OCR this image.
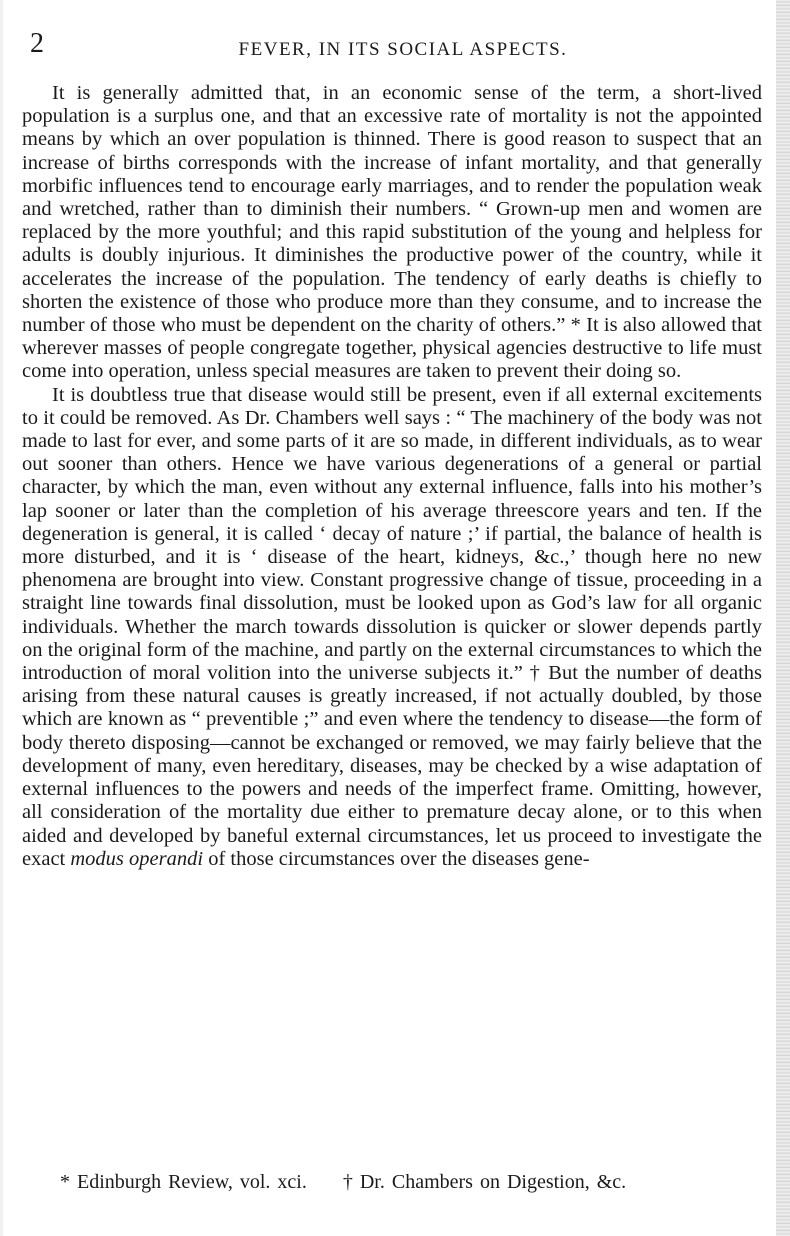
2	FEVER, IN ITS SOCIAL ASPECTS.

It is generally admitted that, in an economic sense of the term, a short-lived population is a surplus one, and that an excessive rate of mortality is not the appointed means by which an over population is thinned. There is good reason to suspect that an increase of births corresponds with the increase of infant mortality, and that generally morbific influences tend to encourage early marriages, and to render the population weak and wretched, rather than to diminish their numbers. “ Grown-up men and women are replaced by the more youthful; and this rapid substitution of the young and helpless for adults is doubly injurious. It diminishes the productive power of the country, while it accelerates the increase of the population. The tendency of early deaths is chiefly to shorten the existence of those who produce more than they consume, and to increase the number of those who must be dependent on the charity of others.” * It is also allowed that wherever masses of people congregate together, physical agencies destructive to life must come into operation, unless special measures are taken to prevent their doing so.

It is doubtless true that disease would still be present, even if all external excitements to it could be removed. As Dr. Chambers well says : “ The machinery of the body was not made to last for ever, and some parts of it are so made, in different individuals, as to wear out sooner than others. Hence we have various degenerations of a general or partial character, by which the man, even without any external influence, falls into his mother’s lap sooner or later than the completion of his average threescore years and ten. If the degeneration is general, it is called ‘ decay of nature ;’ if partial, the balance of health is more disturbed, and it is ‘ disease of the heart, kidneys, &c.,’ though here no new phenomena are brought into view. Constant progressive change of tissue, proceeding in a straight line towards final dissolution, must be looked upon as God’s law for all organic individuals. Whether the march towards dissolution is quicker or slower depends partly on the original form of the machine, and partly on the external circumstances to which the introduction of moral volition into the universe subjects it.” † But the number of deaths arising from these natural causes is greatly increased, if not actually doubled, by those which are known as “ preventible ;” and even where the tendency to disease—the form of body thereto disposing—cannot be exchanged or removed, we may fairly believe that the development of many, even hereditary, diseases, may be checked by a wise adaptation of external influences to the powers and needs of the imperfect frame. Omitting, however, all consideration of the mortality due either to premature decay alone, or to this when aided and developed by baneful external circumstances, let us proceed to investigate the exact modus operandi of those circumstances over the diseases gene-

* Edinburgh Review, vol. xci. † Dr. Chambers on Digestion, &c.
